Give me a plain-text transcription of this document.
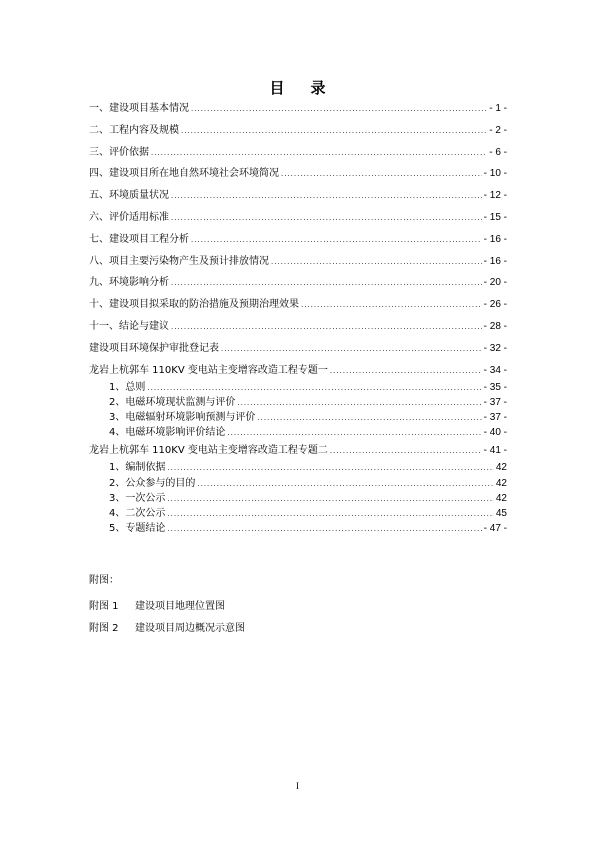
目 录
一、建设项目基本情况 .....	- 1 -
二、工程内容及规模 .....	- 2 -
三、评价依据 .....	- 6 -
四、建设项目所在地自然环境社会环境简况 .....	- 10 -
五、环境质量状况 .....	- 12 -
六、评价适用标准 .....	- 15 -
七、建设项目工程分析 .....	- 16 -
八、项目主要污染物产生及预计排放情况 .....	- 16 -
九、环境影响分析 .....	- 20 -
十、建设项目拟采取的防治措施及预期治理效果 .....	- 26 -
十一、结论与建议 .....	- 28 -
建设项目环境保护审批登记表 .....	- 32 -
龙岩上杭郭车 110KV 变电站主变增容改造工程专题一 .....	- 34 -
1、总则 .....	- 35 -
2、电磁环境现状监测与评价 .....	- 37 -
3、电磁辐射环境影响预测与评价 .....	- 37 -
4、电磁环境影响评价结论 .....	- 40 -
龙岩上杭郭车 110KV 变电站主变增容改造工程专题二 .....	- 41 -
1、编制依据 .....	42
2、公众参与的目的 .....	42
3、一次公示 .....	42
4、二次公示 .....	45
5、专题结论 .....	- 47 -
附图：
附图 1	建设项目地理位置图
附图 2	建设项目周边概况示意图
I
